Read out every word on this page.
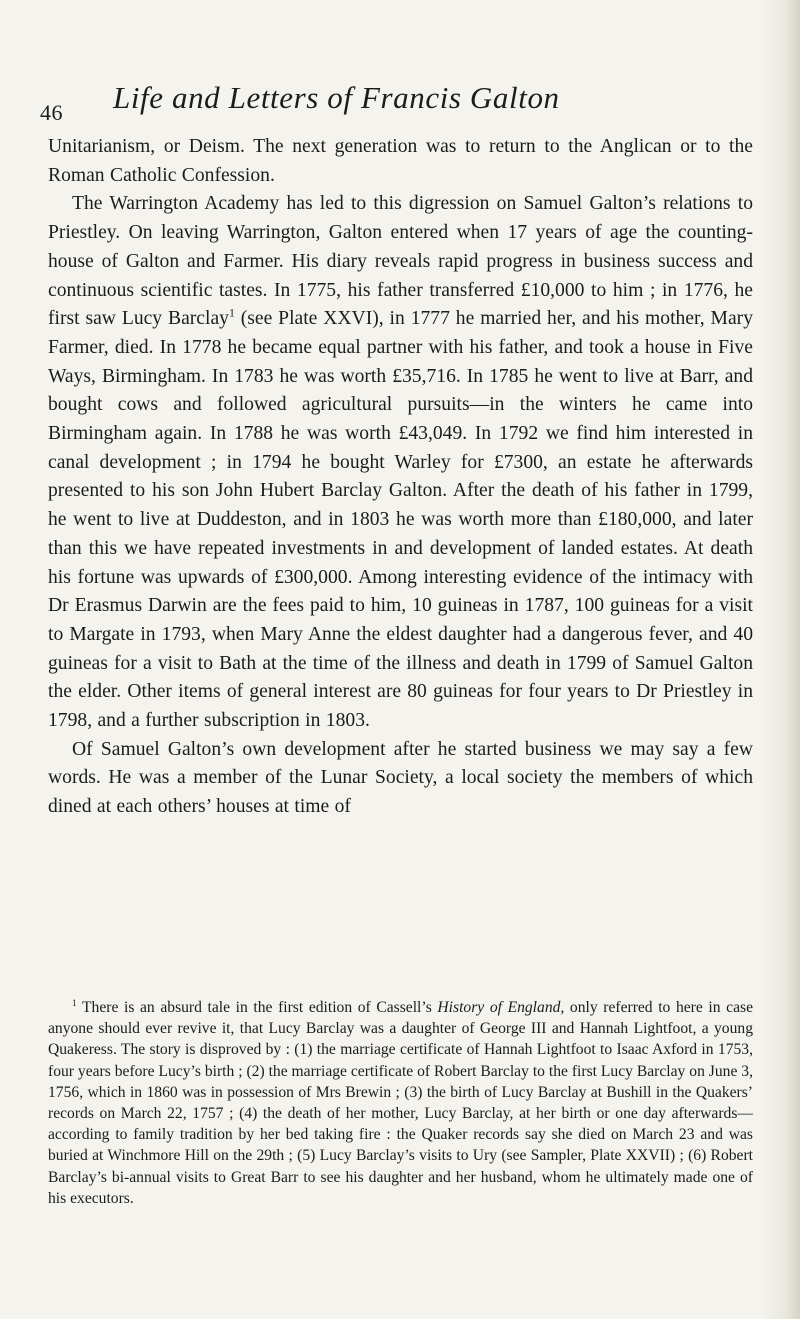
46 Life and Letters of Francis Galton

Unitarianism, or Deism. The next generation was to return to the Anglican or to the Roman Catholic Confession.

The Warrington Academy has led to this digression on Samuel Galton’s relations to Priestley. On leaving Warrington, Galton entered when 17 years of age the counting-house of Galton and Farmer. His diary reveals rapid progress in business success and continuous scientific tastes. In 1775, his father transferred £10,000 to him ; in 1776, he first saw Lucy Barclay$^1$ (see Plate XXVI), in 1777 he married her, and his mother, Mary Farmer, died. In 1778 he became equal partner with his father, and took a house in Five Ways, Birmingham. In 1783 he was worth £35,716. In 1785 he went to live at Barr, and bought cows and followed agricultural pursuits—in the winters he came into Birmingham again. In 1788 he was worth £43,049. In 1792 we find him interested in canal development ; in 1794 he bought Warley for £7300, an estate he afterwards presented to his son John Hubert Barclay Galton. After the death of his father in 1799, he went to live at Duddeston, and in 1803 he was worth more than £180,000, and later than this we have repeated investments in and development of landed estates. At death his fortune was upwards of £300,000. Among interesting evidence of the intimacy with Dr Erasmus Darwin are the fees paid to him, 10 guineas in 1787, 100 guineas for a visit to Margate in 1793, when Mary Anne the eldest daughter had a dangerous fever, and 40 guineas for a visit to Bath at the time of the illness and death in 1799 of Samuel Galton the elder. Other items of general interest are 80 guineas for four years to Dr Priestley in 1798, and a further subscription in 1803.

Of Samuel Galton’s own development after he started business we may say a few words. He was a member of the Lunar Society, a local society the members of which dined at each others’ houses at time of

$^1$ There is an absurd tale in the first edition of Cassell’s History of England, only referred to here in case anyone should ever revive it, that Lucy Barclay was a daughter of George III and Hannah Lightfoot, a young Quakeress. The story is disproved by : (1) the marriage certificate of Hannah Lightfoot to Isaac Axford in 1753, four years before Lucy’s birth ; (2) the marriage certificate of Robert Barclay to the first Lucy Barclay on June 3, 1756, which in 1860 was in possession of Mrs Brewin ; (3) the birth of Lucy Barclay at Bushill in the Quakers’ records on March 22, 1757 ; (4) the death of her mother, Lucy Barclay, at her birth or one day afterwards—according to family tradition by her bed taking fire : the Quaker records say she died on March 23 and was buried at Winchmore Hill on the 29th ; (5) Lucy Barclay’s visits to Ury (see Sampler, Plate XXVII) ; (6) Robert Barclay’s bi-annual visits to Great Barr to see his daughter and her husband, whom he ultimately made one of his executors.
